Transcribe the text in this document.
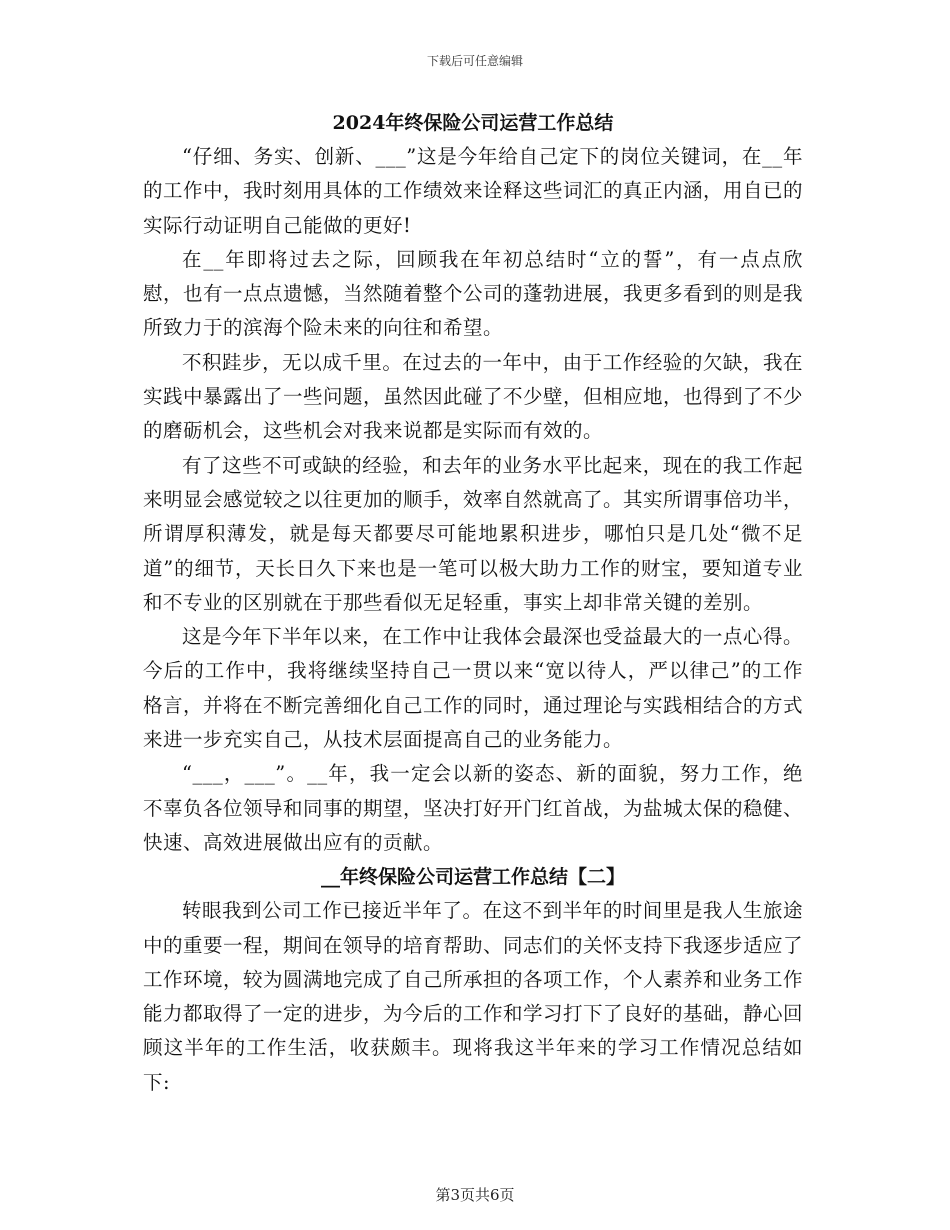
下载后可任意编辑

2024年终保险公司运营工作总结

“仔细、务实、创新、___”这是今年给自己定下的岗位关键词，在__年的工作中，我时刻用具体的工作绩效来诠释这些词汇的真正内涵，用自已的实际行动证明自己能做的更好!

在__年即将过去之际，回顾我在年初总结时“立的誓”，有一点点欣慰，也有一点点遗憾，当然随着整个公司的蓬勃进展，我更多看到的则是我所致力于的滨海个险未来的向往和希望。

不积跬步，无以成千里。在过去的一年中，由于工作经验的欠缺，我在实践中暴露出了一些问题，虽然因此碰了不少壁，但相应地，也得到了不少的磨砺机会，这些机会对我来说都是实际而有效的。

有了这些不可或缺的经验，和去年的业务水平比起来，现在的我工作起来明显会感觉较之以往更加的顺手，效率自然就高了。其实所谓事倍功半，所谓厚积薄发，就是每天都要尽可能地累积进步，哪怕只是几处“微不足道”的细节，天长日久下来也是一笔可以极大助力工作的财宝，要知道专业和不专业的区别就在于那些看似无足轻重，事实上却非常关键的差别。

这是今年下半年以来，在工作中让我体会最深也受益最大的一点心得。今后的工作中，我将继续坚持自己一贯以来“宽以待人，严以律己”的工作格言，并将在不断完善细化自己工作的同时，通过理论与实践相结合的方式来进一步充实自己，从技术层面提高自己的业务能力。

“___，___”。__年，我一定会以新的姿态、新的面貌，努力工作，绝不辜负各位领导和同事的期望，坚决打好开门红首战，为盐城太保的稳健、快速、高效进展做出应有的贡献。

__年终保险公司运营工作总结【二】

转眼我到公司工作已接近半年了。在这不到半年的时间里是我人生旅途中的重要一程，期间在领导的培育帮助、同志们的关怀支持下我逐步适应了工作环境，较为圆满地完成了自己所承担的各项工作，个人素养和业务工作能力都取得了一定的进步，为今后的工作和学习打下了良好的基础，静心回顾这半年的工作生活，收获颇丰。现将我这半年来的学习工作情况总结如下:

第3页共6页
